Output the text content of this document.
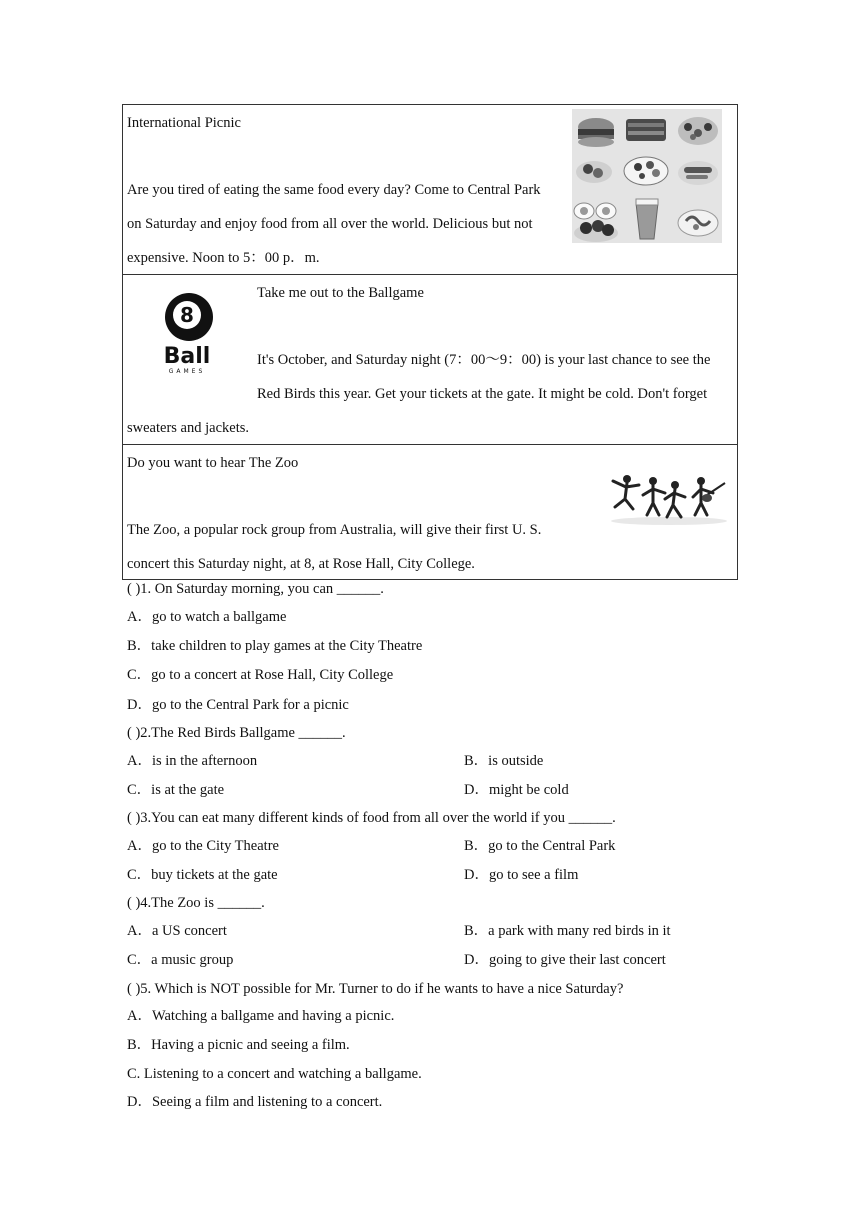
International Picnic
Are you tired of eating the same food every day? Come to Central Park
on Saturday and enjoy food from all over the world. Delicious but not
expensive. Noon to 5：00 p．m.
8
Ball
GAMES
Take me out to the Ballgame
It's October, and Saturday night (7：00～9：00) is your last chance to see the
Red Birds this year. Get your tickets at the gate. It might be cold. Don't forget
sweaters and jackets.
Do you want to hear The Zoo
The Zoo, a popular rock group from Australia, will give their first U. S.
concert this Saturday night, at 8, at Rose Hall, City College.
( )1. On Saturday morning, you can ______.
A．go to watch a ballgame
B．take children to play games at the City Theatre
C．go to a concert at Rose Hall, City College
D．go to the Central Park for a picnic
( )2.The Red Birds Ballgame ______.
A．is in the afternoon	B．is outside
C．is at the gate	D．might be cold
( )3.You can eat many different kinds of food from all over the world if you ______.
A．go to the City Theatre	B．go to the Central Park
C．buy tickets at the gate	D．go to see a film
( )4.The Zoo is ______.
A．a US concert	B．a park with many red birds in it
C．a music group	D．going to give their last concert
( )5. Which is NOT possible for Mr. Turner to do if he wants to have a nice Saturday?
A．Watching a ballgame and having a picnic.
B．Having a picnic and seeing a film.
C. Listening to a concert and watching a ballgame.
D．Seeing a film and listening to a concert.
